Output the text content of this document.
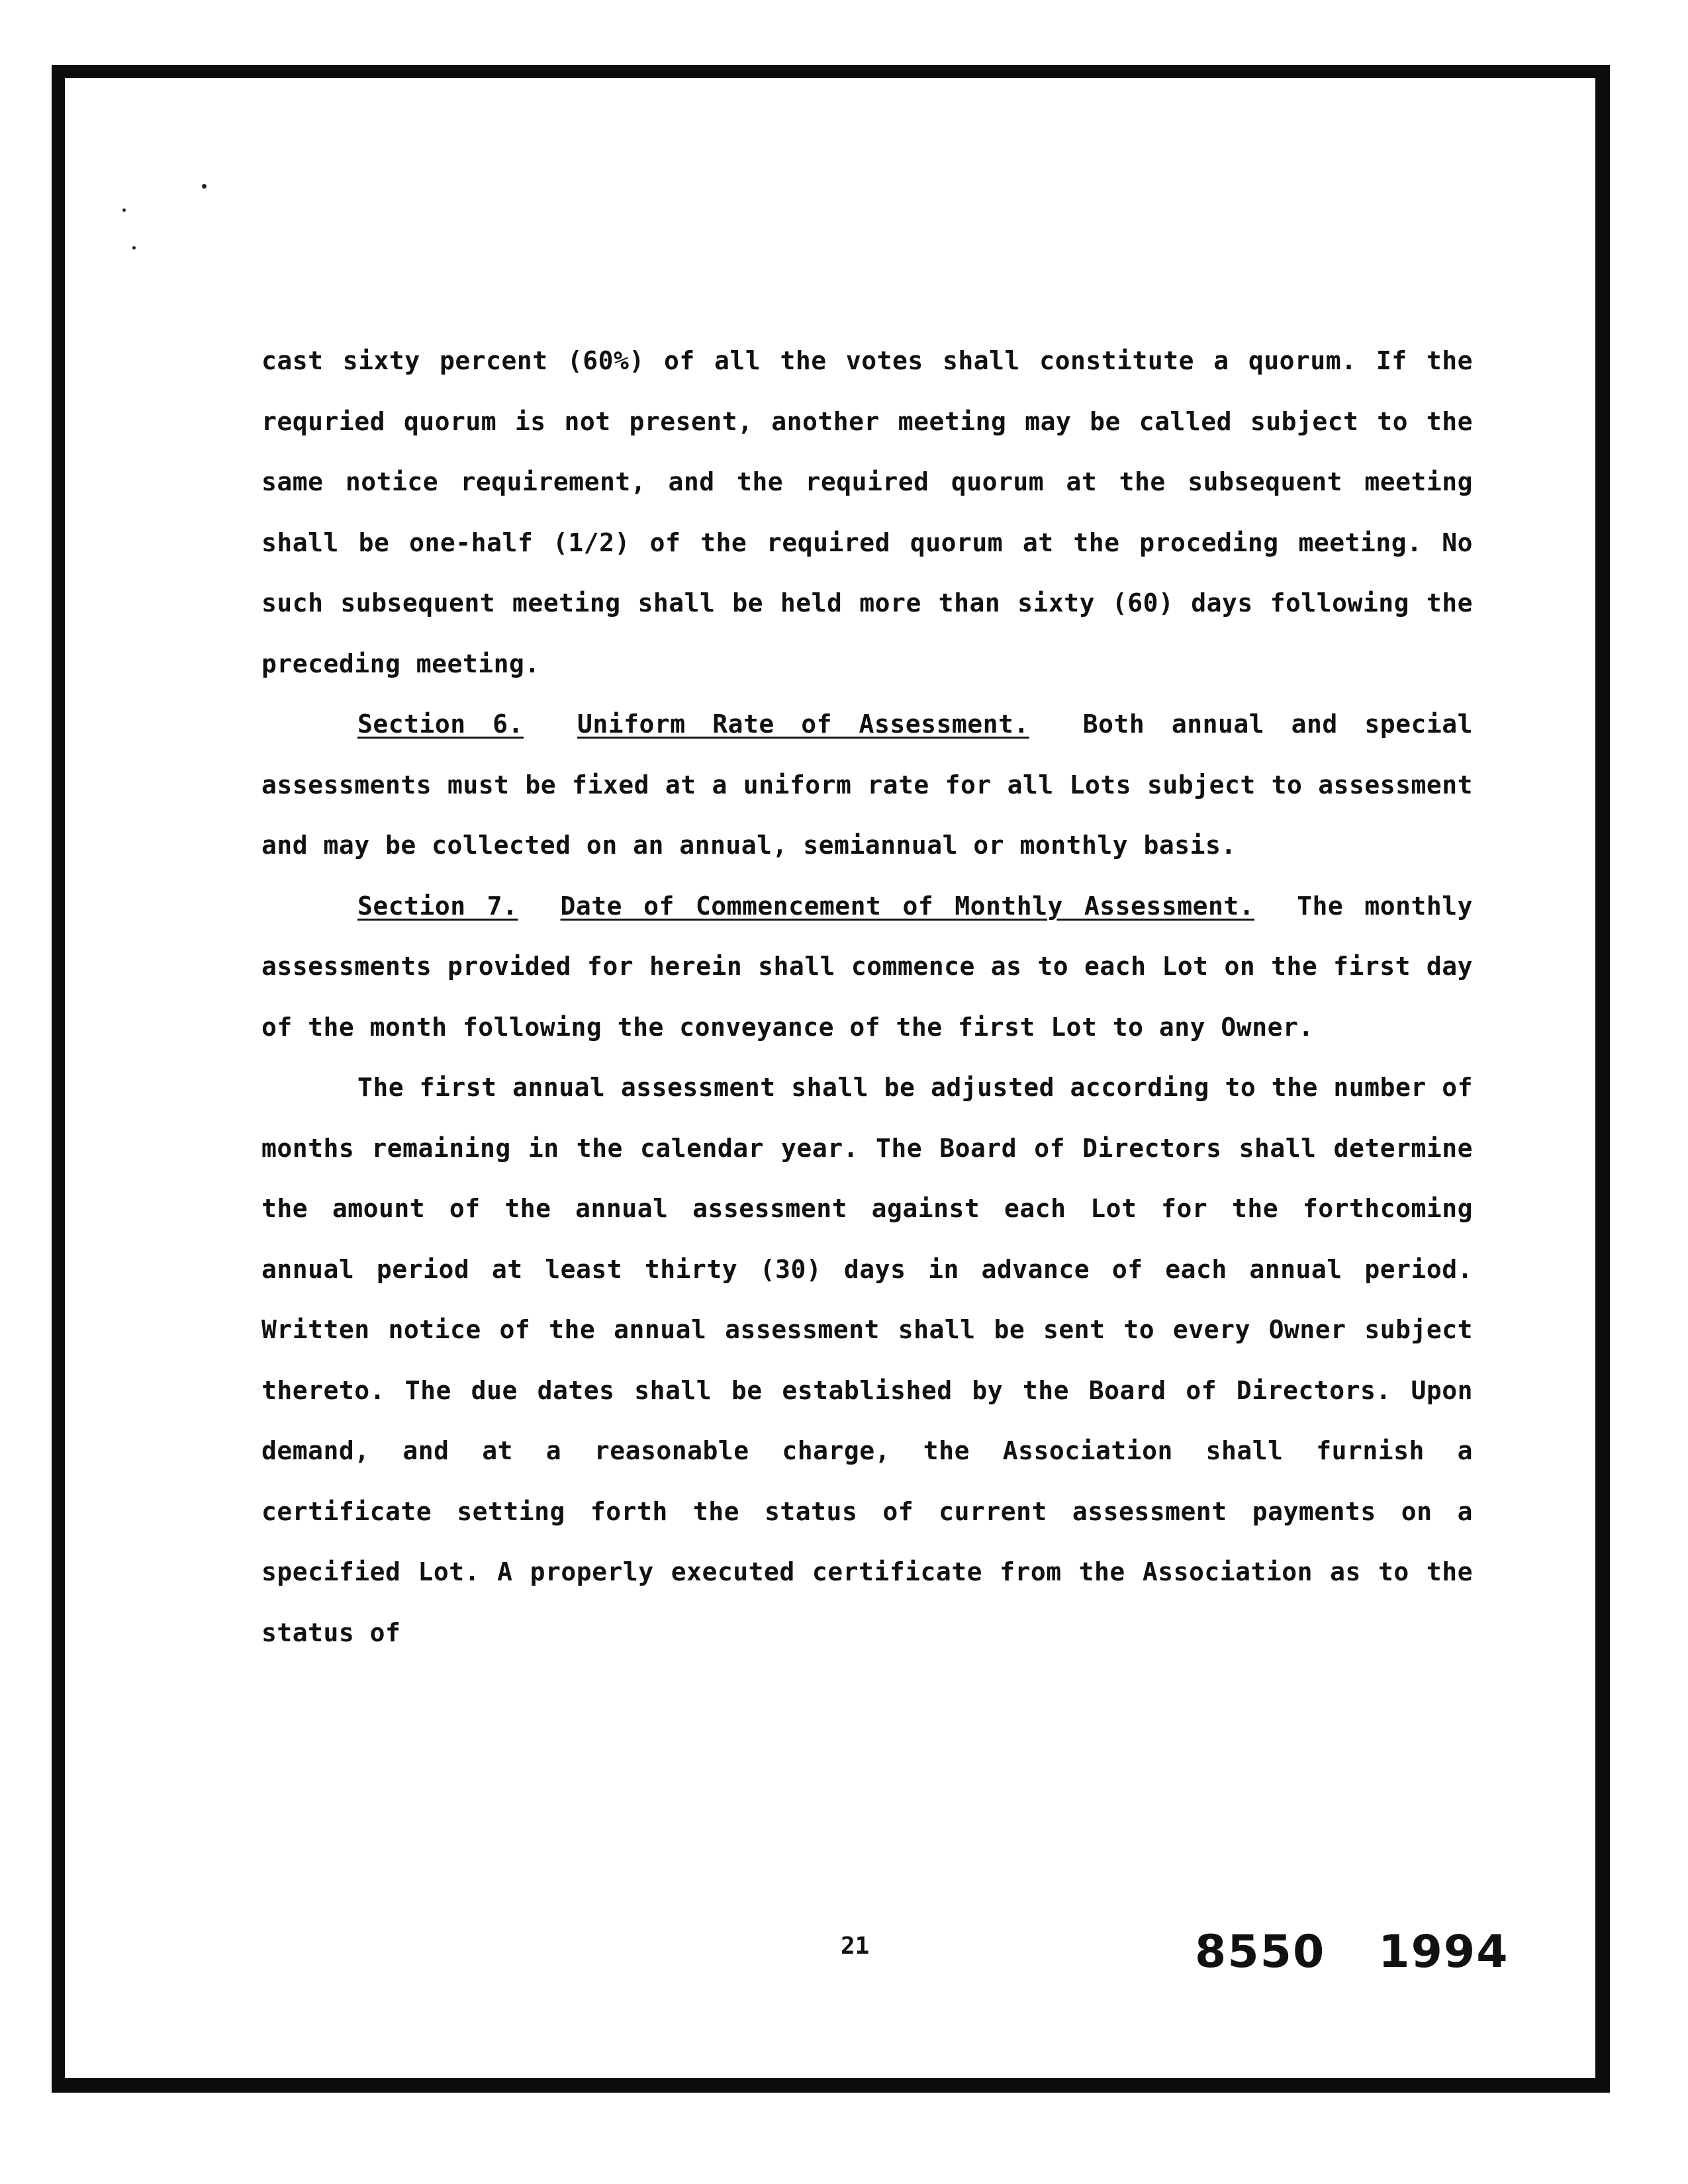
cast sixty percent (60%) of all the votes shall constitute a quorum. If the requried quorum is not present, another meeting may be called subject to the same notice requirement, and the required quorum at the subsequent meeting shall be one-half (1/2) of the required quorum at the proceding meeting. No such subsequent meeting shall be held more than sixty (60) days following the preceding meeting.

Section 6. Uniform Rate of Assessment. Both annual and special assessments must be fixed at a uniform rate for all Lots subject to assessment and may be collected on an annual, semiannual or monthly basis.

Section 7. Date of Commencement of Monthly Assessment. The monthly assessments provided for herein shall commence as to each Lot on the first day of the month following the conveyance of the first Lot to any Owner.

The first annual assessment shall be adjusted according to the number of months remaining in the calendar year. The Board of Directors shall determine the amount of the annual assessment against each Lot for the forthcoming annual period at least thirty (30) days in advance of each annual period. Written notice of the annual assessment shall be sent to every Owner subject thereto. The due dates shall be established by the Board of Directors. Upon demand, and at a reasonable charge, the Association shall furnish a certificate setting forth the status of current assessment payments on a specified Lot. A properly executed certificate from the Association as to the status of

21	8550 1994
